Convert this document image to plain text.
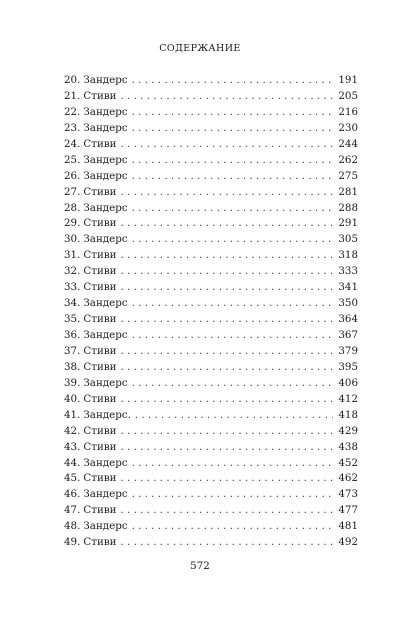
СОДЕРЖАНИЕ
20. Зандерс . . .	191
21. Стиви . . .	205
22. Зандерс . . .	216
23. Зандерс . . .	230
24. Стиви . . .	244
25. Зандерс . . .	262
26. Зандерс . . .	275
27. Стиви . . .	281
28. Зандерс . . .	288
29. Стиви . . .	291
30. Зандерс . . .	305
31. Стиви . . .	318
32. Стиви . . .	333
33. Стиви . . .	341
34. Зандерс . . .	350
35. Стиви . . .	364
36. Зандерс . . .	367
37. Стиви . . .	379
38. Стиви . . .	395
39. Зандерс . . .	406
40. Стиви . . .	412
41. Зандерс. . . .	418
42. Стиви . . .	429
43. Стиви . . .	438
44. Зандерс . . .	452
45. Стиви . . .	462
46. Зандерс . . .	473
47. Стиви . . .	477
48. Зандерс . . .	481
49. Стиви . . .	492
572
